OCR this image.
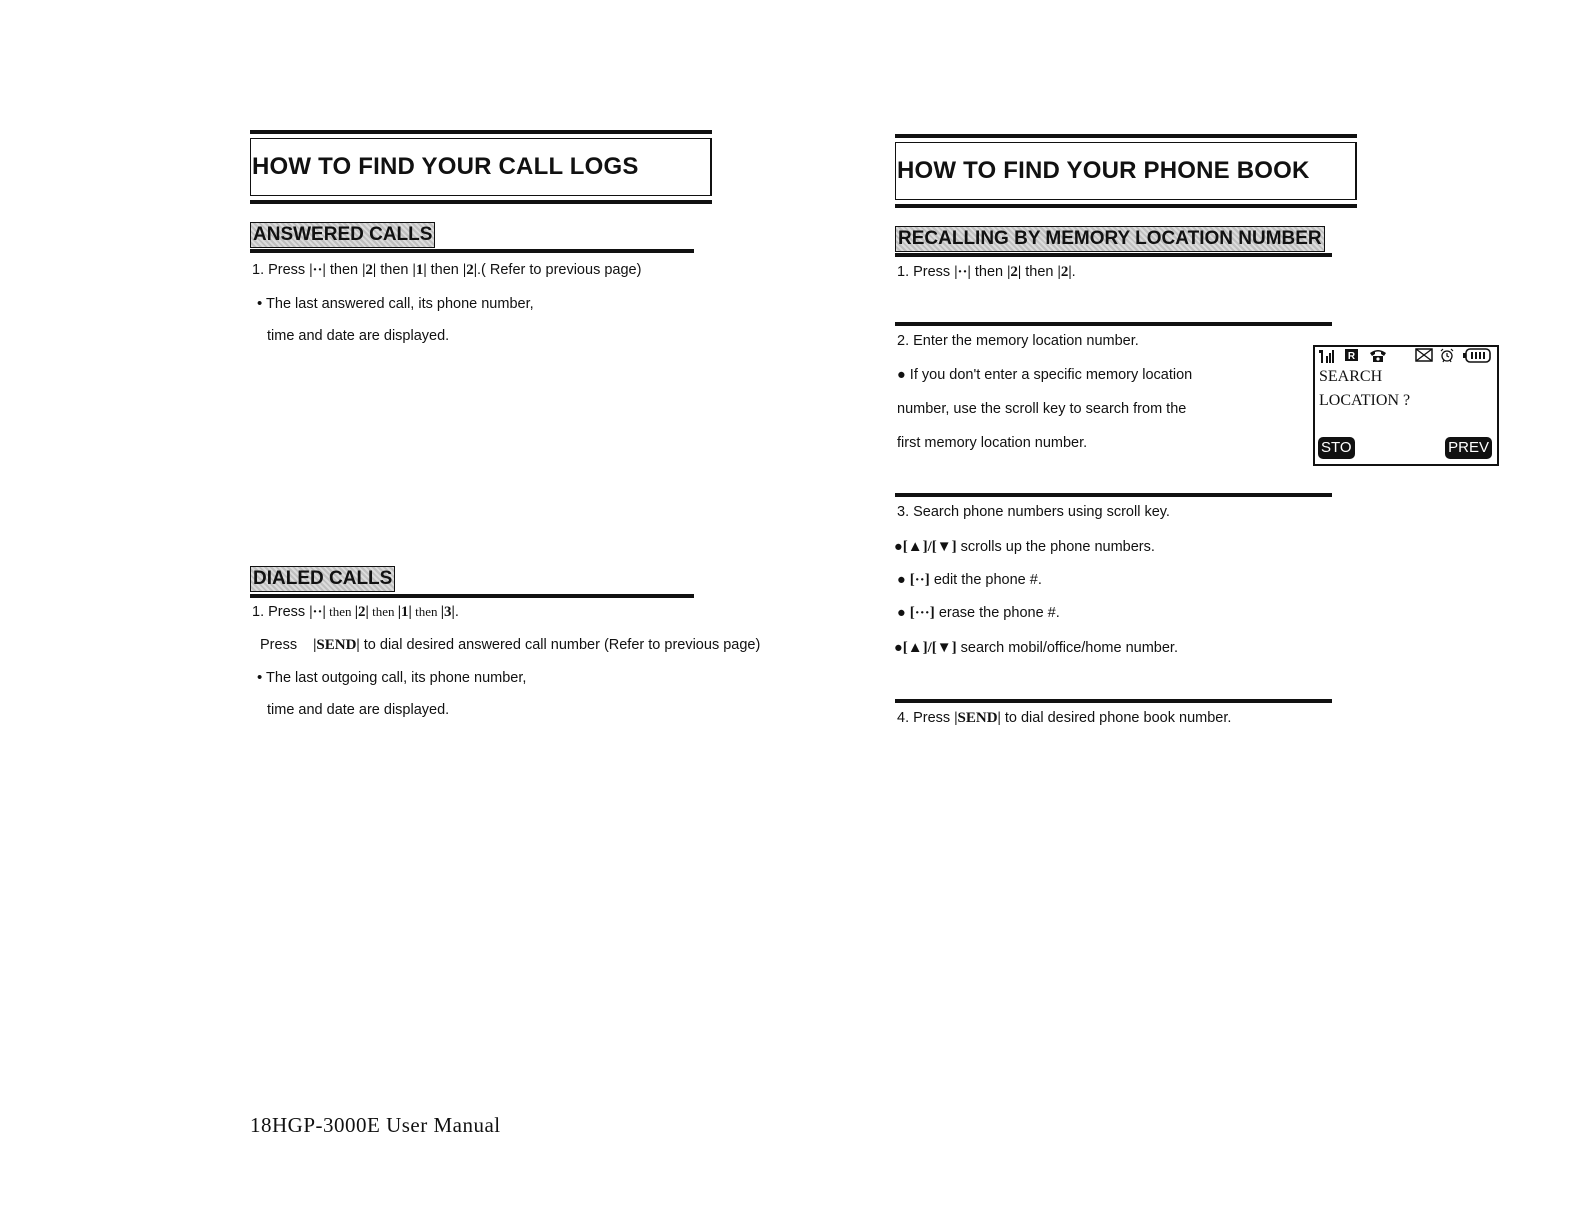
HOW TO FIND YOUR CALL LOGS
ANSWERED CALLS
1. Press |··| then |2| then |1| then |2|.( Refer to previous page)
• The last answered call, its phone number,
time and date are displayed.
DIALED CALLS
1. Press |··| then |2| then |1| then |3|.
Press |SEND| to dial desired answered call number (Refer to previous page)
• The last outgoing call, its phone number,
time and date are displayed.
HOW TO FIND YOUR PHONE BOOK
RECALLING BY MEMORY LOCATION NUMBER
1. Press |··| then |2| then |2|.
2. Enter the memory location number.
● If you don't enter a specific memory location
number, use the scroll key to search from the
first memory location number.
R
SEARCH
LOCATION ?
STO	PREV
3. Search phone numbers using scroll key.
●[▲]/[▼] scrolls up the phone numbers.
● [··] edit the phone #.
● [···] erase the phone #.
●[▲]/[▼] search mobil/office/home number.
4. Press |SEND| to dial desired phone book number.
18HGP-3000E User Manual
